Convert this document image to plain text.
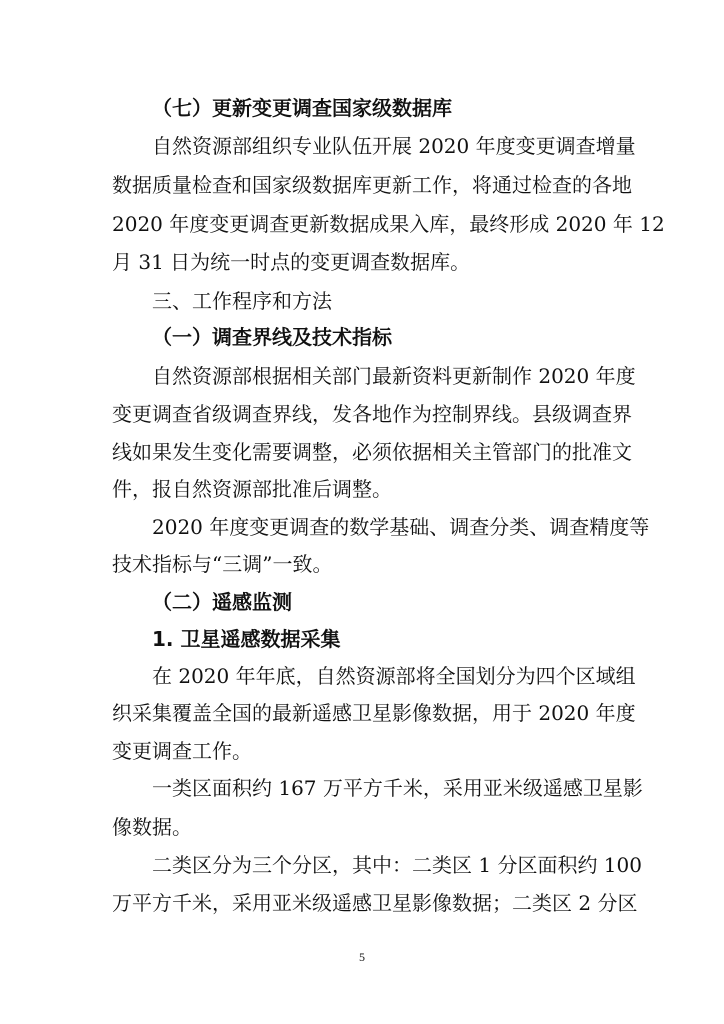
（七）更新变更调查国家级数据库
自然资源部组织专业队伍开展 2020 年度变更调查增量
数据质量检查和国家级数据库更新工作，将通过检查的各地
2020 年度变更调查更新数据成果入库，最终形成 2020 年 12
月 31 日为统一时点的变更调查数据库。
三、工作程序和方法
（一）调查界线及技术指标
自然资源部根据相关部门最新资料更新制作 2020 年度
变更调查省级调查界线，发各地作为控制界线。县级调查界
线如果发生变化需要调整，必须依据相关主管部门的批准文
件，报自然资源部批准后调整。
2020 年度变更调查的数学基础、调查分类、调查精度等
技术指标与“三调”一致。
（二）遥感监测
1. 卫星遥感数据采集
在 2020 年年底，自然资源部将全国划分为四个区域组
织采集覆盖全国的最新遥感卫星影像数据，用于 2020 年度
变更调查工作。
一类区面积约 167 万平方千米，采用亚米级遥感卫星影
像数据。
二类区分为三个分区，其中：二类区 1 分区面积约 100
万平方千米，采用亚米级遥感卫星影像数据；二类区 2 分区
5
